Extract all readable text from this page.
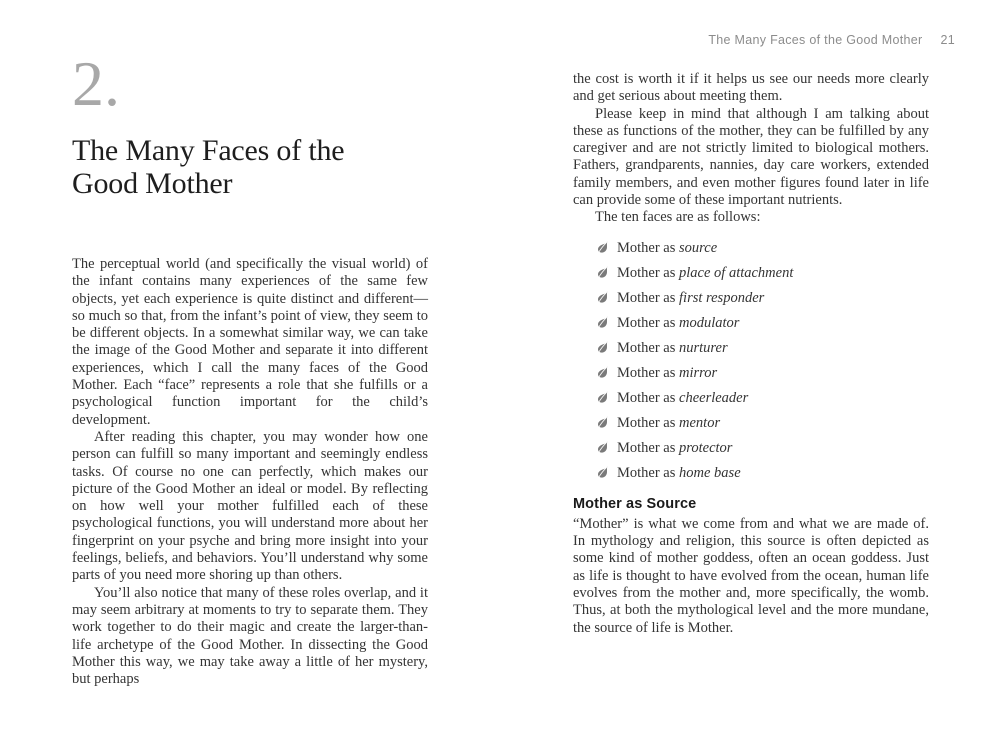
The Many Faces of the Good Mother 21
2.
The Many Faces of the
Good Mother

The perceptual world (and specifically the visual world) of the infant contains many experiences of the same few objects, yet each experience is quite distinct and different—so much so that, from the infant’s point of view, they seem to be different objects. In a somewhat similar way, we can take the image of the Good Mother and separate it into different experiences, which I call the many faces of the Good Mother. Each “face” represents a role that she fulfills or a psychological function important for the child’s development.

After reading this chapter, you may wonder how one person can fulfill so many important and seemingly endless tasks. Of course no one can perfectly, which makes our picture of the Good Mother an ideal or model. By reflecting on how well your mother fulfilled each of these psychological functions, you will understand more about her fingerprint on your psyche and bring more insight into your feelings, beliefs, and behaviors. You’ll understand why some parts of you need more shoring up than others.

You’ll also notice that many of these roles overlap, and it may seem arbitrary at moments to try to separate them. They work together to do their magic and create the larger-than-life archetype of the Good Mother. In dissecting the Good Mother this way, we may take away a little of her mystery, but perhaps

the cost is worth it if it helps us see our needs more clearly and get serious about meeting them.

Please keep in mind that although I am talking about these as functions of the mother, they can be fulfilled by any caregiver and are not strictly limited to biological mothers. Fathers, grandparents, nannies, day care workers, extended family members, and even mother figures found later in life can provide some of these important nutrients.

The ten faces are as follows:

Mother as source
Mother as place of attachment
Mother as first responder
Mother as modulator
Mother as nurturer
Mother as mirror
Mother as cheerleader
Mother as mentor
Mother as protector
Mother as home base
Mother as Source

“Mother” is what we come from and what we are made of. In mythology and religion, this source is often depicted as some kind of mother goddess, often an ocean goddess. Just as life is thought to have evolved from the ocean, human life evolves from the mother and, more specifically, the womb. Thus, at both the mythological level and the more mundane, the source of life is Mother.
